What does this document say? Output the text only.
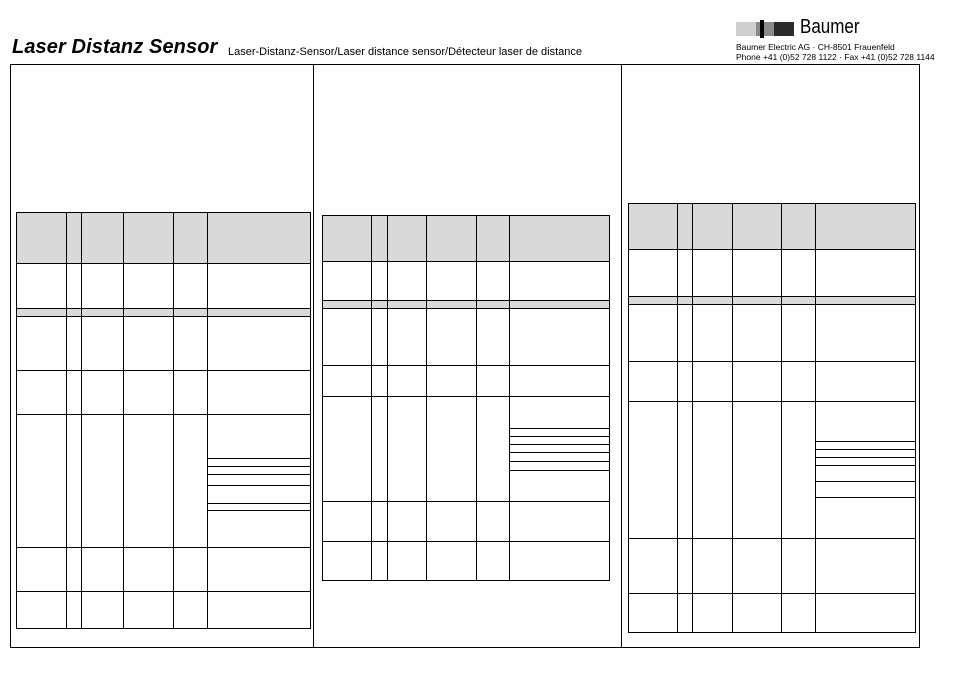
Laser Distanz Sensor Laser-Distanz-Sensor/Laser distance sensor/Détecteur laser de distance
Baumer
Baumer Electric AG · CH-8501 Frauenfeld
Phone +41 (0)52 728 1122 · Fax +41 (0)52 728 1144
